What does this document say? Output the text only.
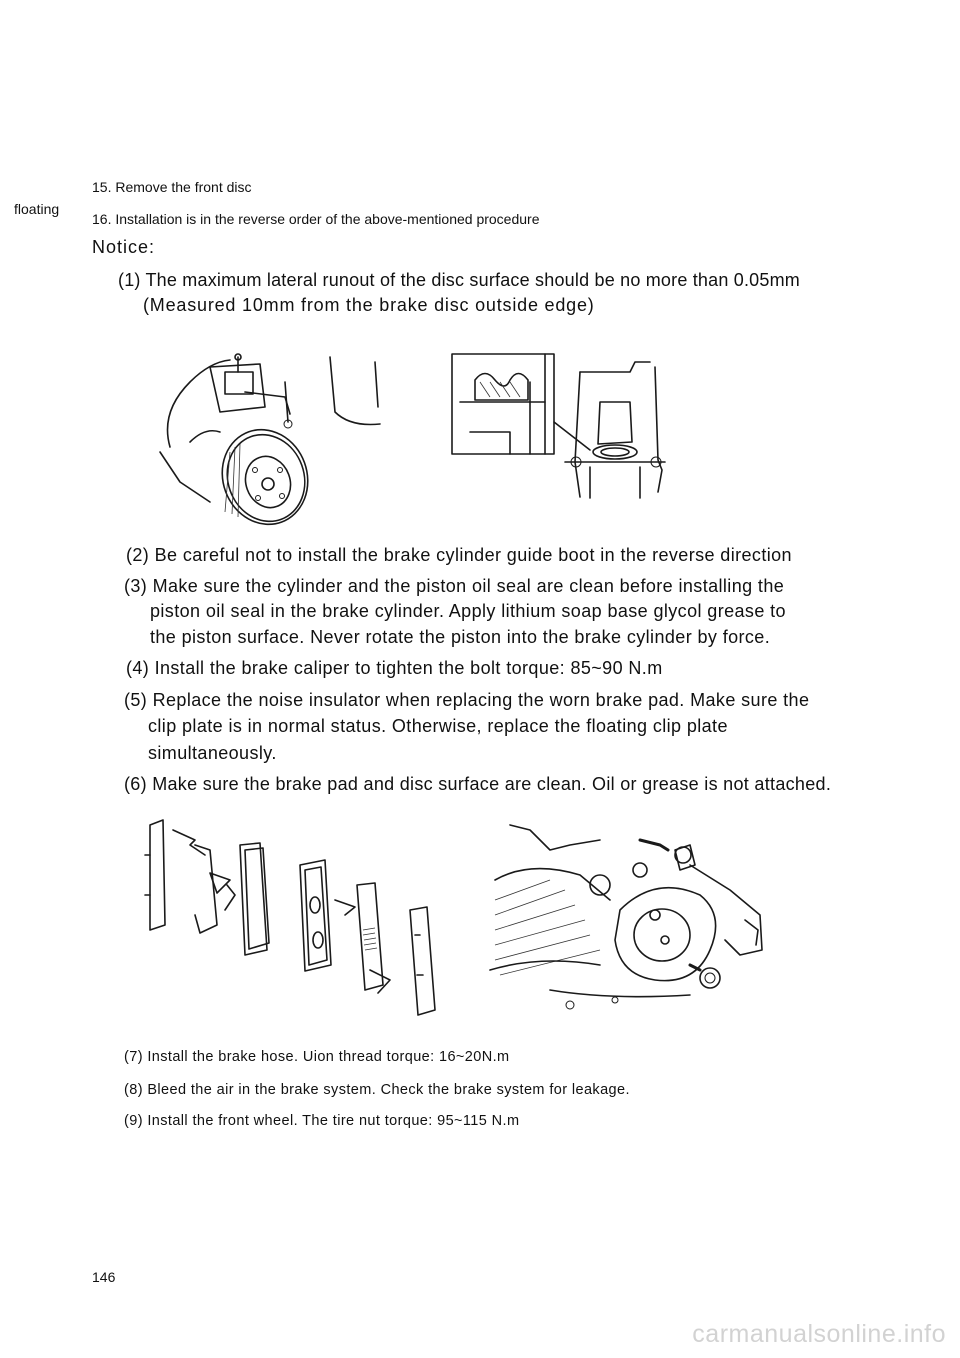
15. Remove the front disc
floating
16. Installation is in the reverse order of the above-mentioned procedure
Notice:
(1) The maximum lateral runout of the disc surface should be no more than 0.05mm
(Measured 10mm from the brake disc outside edge)
(2) Be careful not to install the brake cylinder guide boot in the reverse direction
(3) Make sure the cylinder and the piston oil seal are clean before installing the
piston oil seal in the brake cylinder. Apply lithium soap base glycol grease to
the piston surface. Never rotate the piston into the brake cylinder by force.
(4) Install the brake caliper to tighten the bolt torque: 85~90 N.m
(5) Replace the noise insulator when replacing the worn brake pad. Make sure the
clip plate is in normal status. Otherwise, replace the floating clip plate
simultaneously.
(6) Make sure the brake pad and disc surface are clean. Oil or grease is not attached.
(7) Install the brake hose. Uion thread torque: 16~20N.m
(8) Bleed the air in the brake system. Check the brake system for leakage.
(9) Install the front wheel. The tire nut torque: 95~115 N.m
146
carmanualsonline.info
